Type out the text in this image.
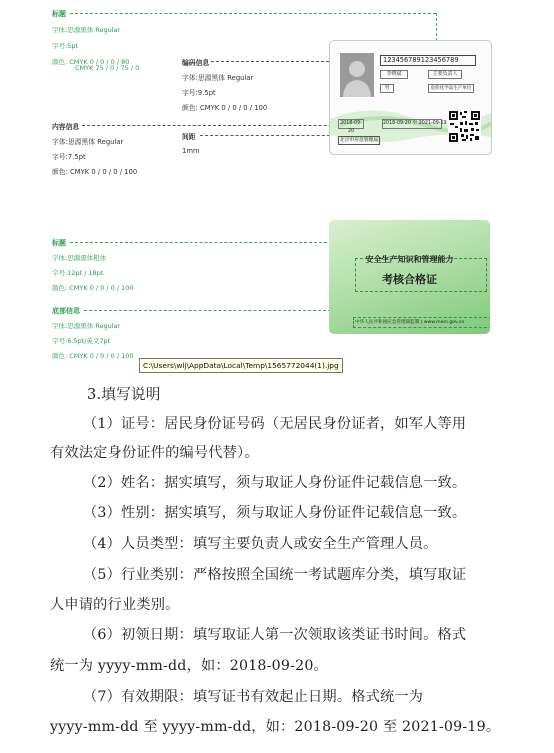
标题
字体:思源黑体 Regular
字号:5pt
颜色: CMYK 0 / 0 / 0 / 80
CMYK 75 / 0 / 75 / 0
编码信息
字体:思源黑体 Regular
字号:9.5pt
颜色: CMYK 0 / 0 / 0 / 100
内容信息
字体:思源黑体 Regular
字号:7.5pt
颜色: CMYK 0 / 0 / 0 / 100
间距
1mm
123456789123456789
李晓斌	主要负责人
男	危险化学品生产单位
2018-09-20
2018-09-20 至 2021-09-19
北京市应急管理局
标题
字体:思源黑体粗体
字号:12pt / 18pt
颜色: CMYK 0 / 0 / 0 / 100
底部信息
字体:思源黑体 Regular
字号:6.5pt/英文7pt
颜色: CMYK 0 / 0 / 0 / 100
安全生产知识和管理能力
考核合格证
中华人民共和国应急管理部监制 | www.mem.gov.cn
C:\Users\wlj\AppData\Local\Temp\1565772044(1).jpg
3.填写说明
（1）证号：居民身份证号码（无居民身份证者，如军人等用
有效法定身份证件的编号代替）。
（2）姓名：据实填写，须与取证人身份证件记载信息一致。
（3）性别：据实填写，须与取证人身份证件记载信息一致。
（4）人员类型：填写主要负责人或安全生产管理人员。
（5）行业类别：严格按照全国统一考试题库分类，填写取证
人申请的行业类别。
（6）初领日期：填写取证人第一次领取该类证书时间。格式
统一为 yyyy-mm-dd，如：2018-09-20。
（7）有效期限：填写证书有效起止日期。格式统一为
yyyy-mm-dd 至 yyyy-mm-dd，如：2018-09-20 至 2021-09-19。
